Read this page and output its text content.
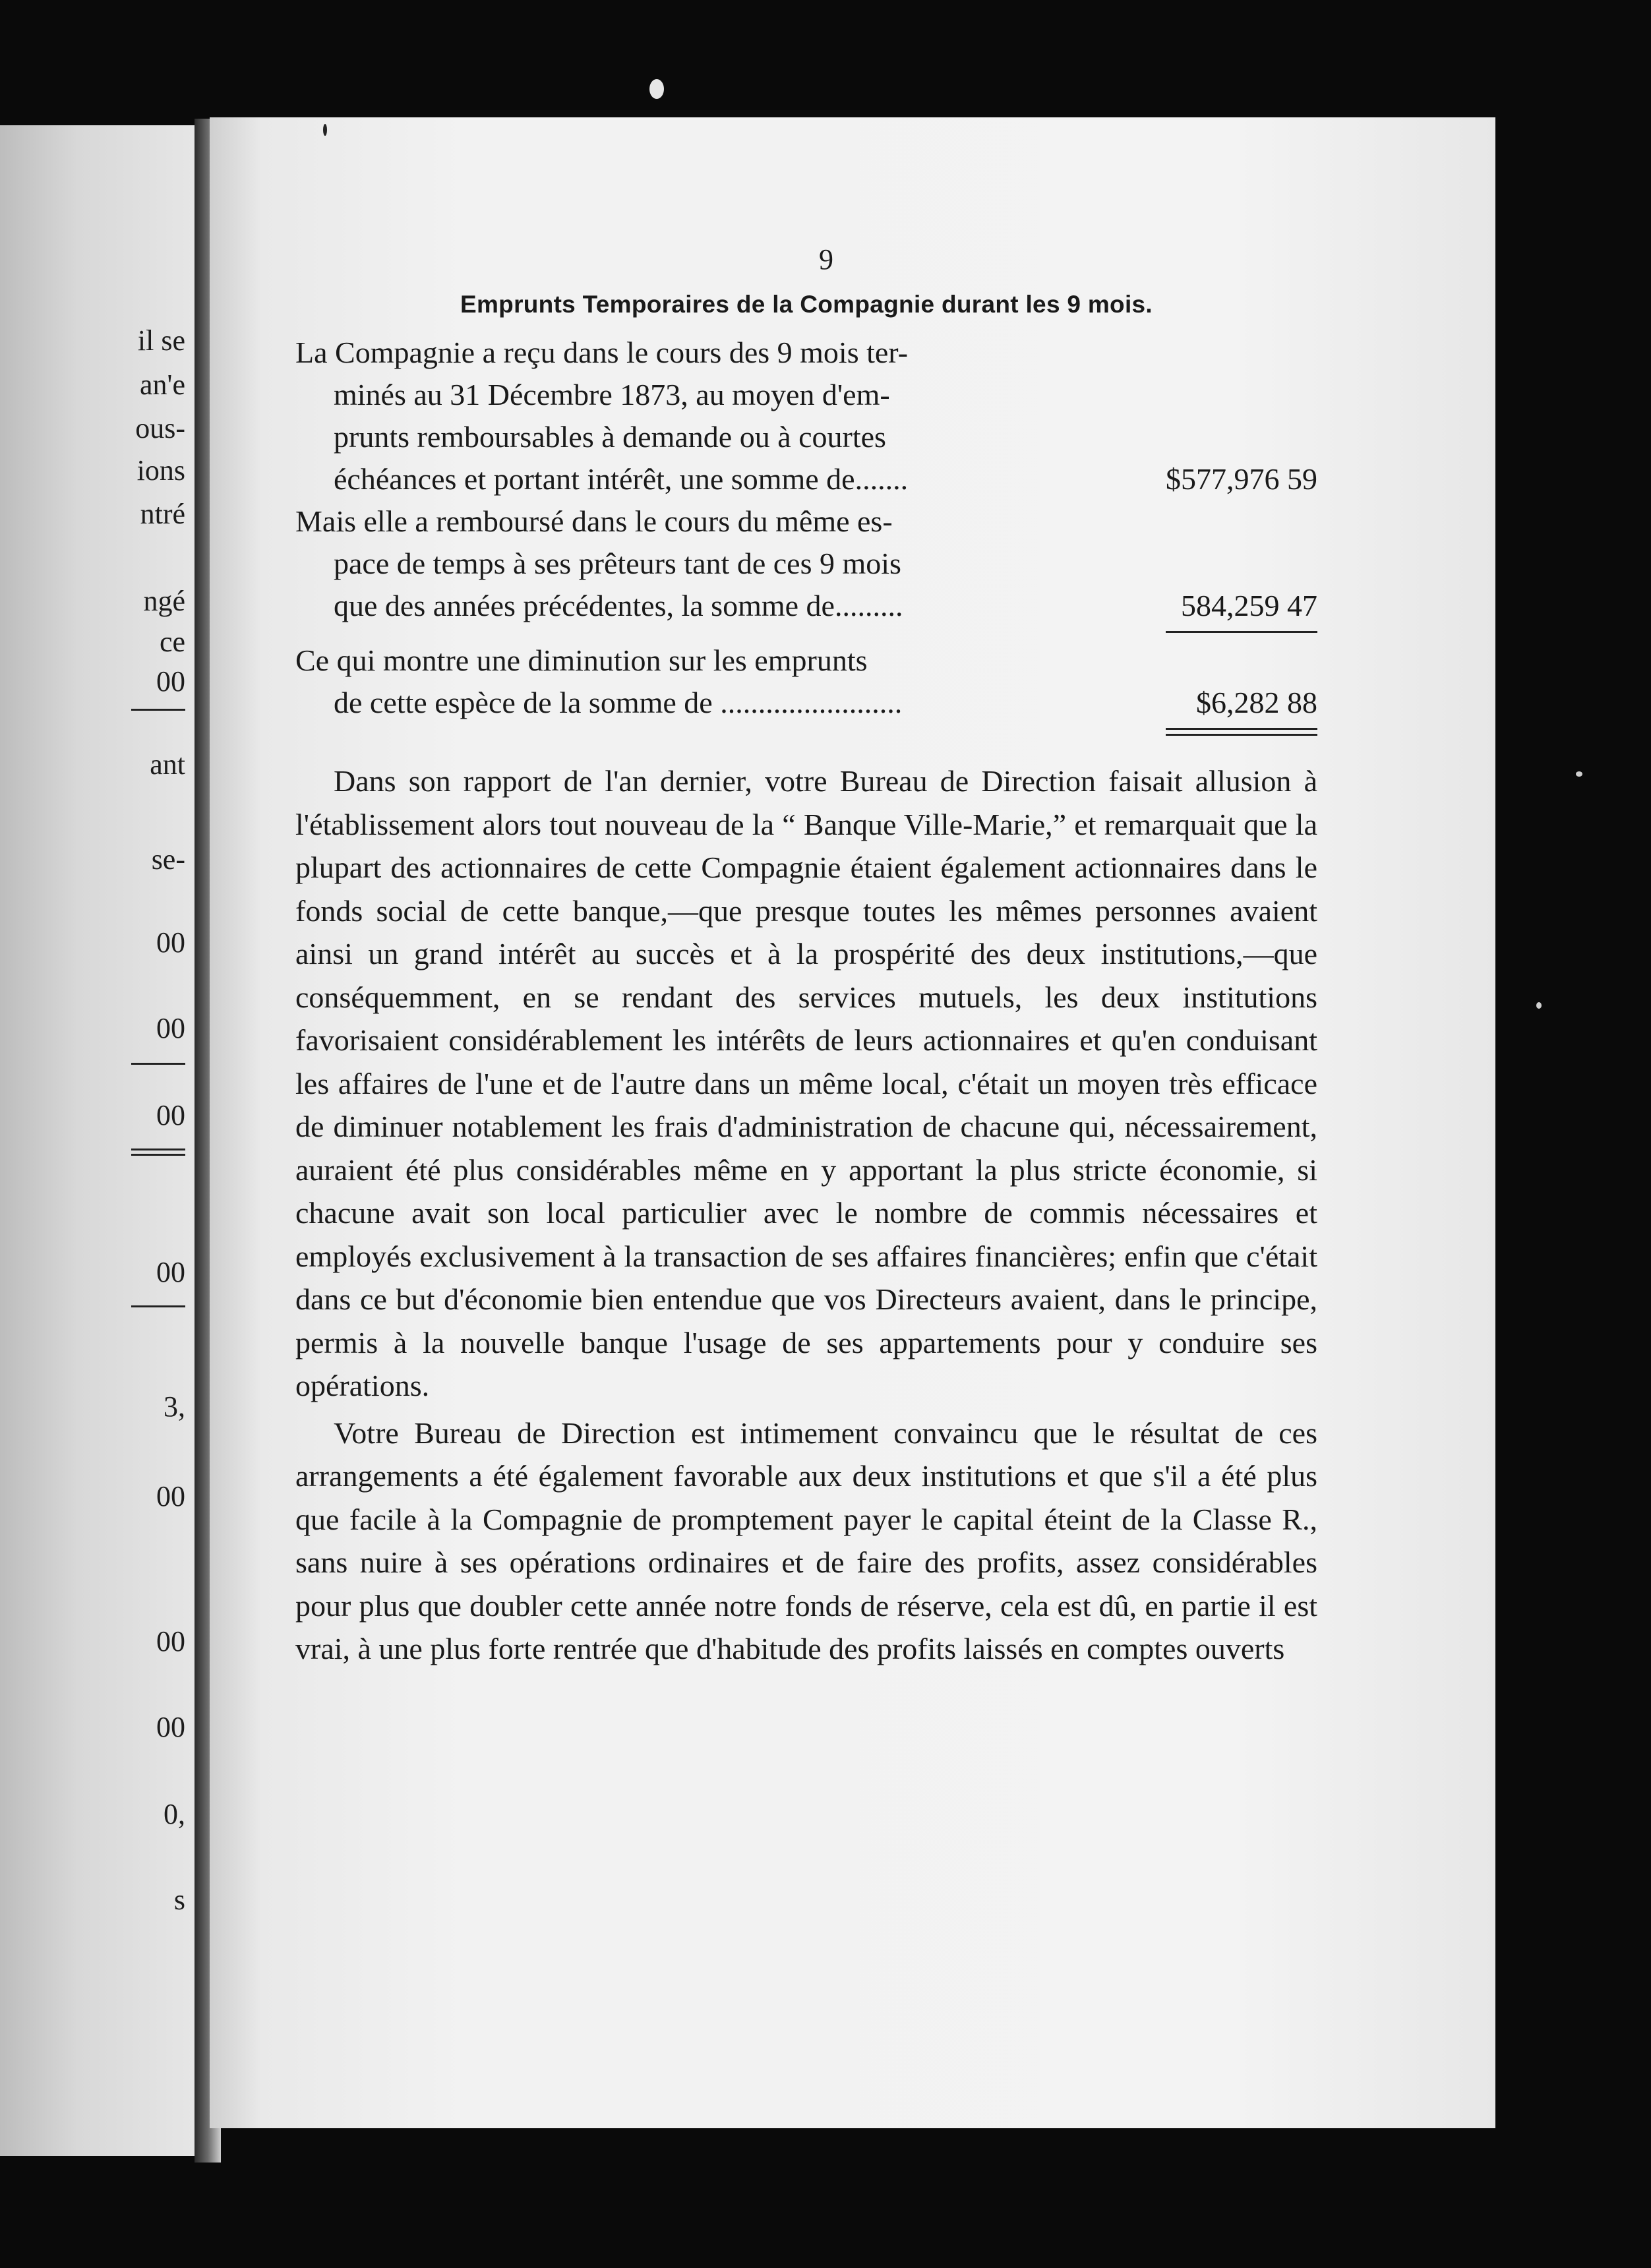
il se
an'e
ous-
ions
ntré
ngé
ce
00
ant
se-
00
00
00
00
3,
00
00
00
0,
s
9
Emprunts Temporaires de la Compagnie durant les 9 mois.
La Compagnie a reçu dans le cours des 9 mois ter-
minés au 31 Décembre 1873, au moyen d'em-
prunts remboursables à demande ou à courtes
échéances et portant intérêt, une somme de.......	$577,976 59
Mais elle a remboursé dans le cours du même es-
pace de temps à ses prêteurs tant de ces 9 mois
que des années précédentes, la somme de.........	584,259 47
Ce qui montre une diminution sur les emprunts
de cette espèce de la somme de ........................	$6,282 88

Dans son rapport de l'an dernier, votre Bureau de Direction faisait allusion à l'établissement alors tout nouveau de la “ Banque Ville-Marie,” et remarquait que la plupart des actionnaires de cette Compagnie étaient également actionnaires dans le fonds social de cette banque,—que presque toutes les mêmes personnes avaient ainsi un grand intérêt au succès et à la prospérité des deux institutions,—que conséquemment, en se rendant des services mutuels, les deux institutions favorisaient considérablement les intérêts de leurs actionnaires et qu'en conduisant les affaires de l'une et de l'autre dans un même local, c'était un moyen très efficace de diminuer notablement les frais d'administration de chacune qui, nécessairement, auraient été plus considérables même en y apportant la plus stricte économie, si chacune avait son local particulier avec le nombre de commis nécessaires et employés exclusivement à la transaction de ses affaires financières; enfin que c'était dans ce but d'économie bien entendue que vos Directeurs avaient, dans le principe, permis à la nouvelle banque l'usage de ses appartements pour y conduire ses opérations.

Votre Bureau de Direction est intimement convaincu que le résultat de ces arrangements a été également favorable aux deux institutions et que s'il a été plus que facile à la Compagnie de promptement payer le capital éteint de la Classe R., sans nuire à ses opérations ordinaires et de faire des profits, assez considérables pour plus que doubler cette année notre fonds de réserve, cela est dû, en partie il est vrai, à une plus forte rentrée que d'habitude des profits laissés en comptes ouverts
